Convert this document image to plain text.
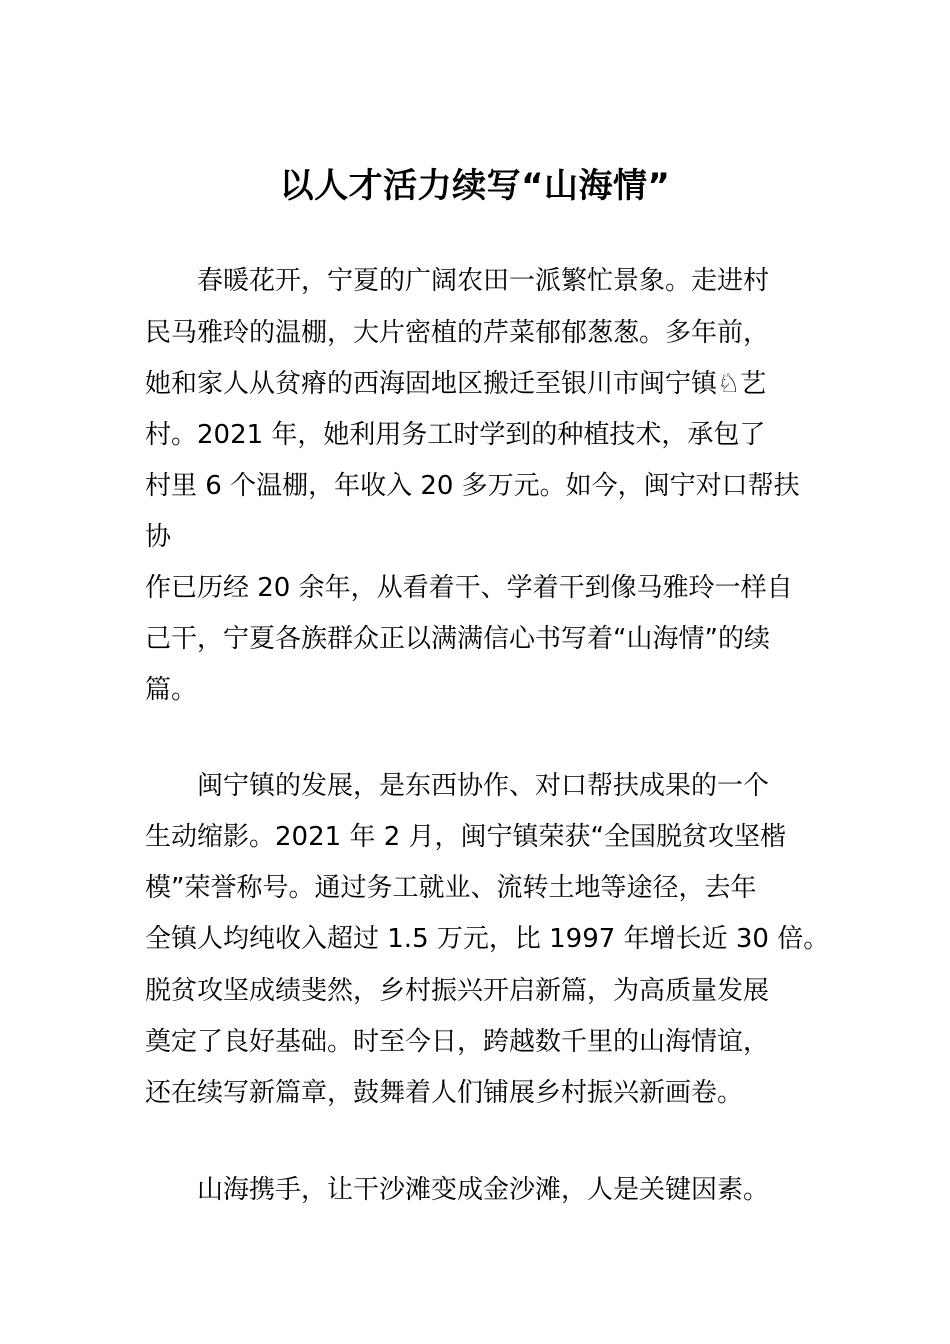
以人才活力续写“山海情”
　　春暖花开，宁夏的广阔农田一派繁忙景象。走进村
民马雅玲的温棚，大片密植的芹菜郁郁葱葱。多年前，
她和家人从贫瘠的西海固地区搬迁至银川市闽宁镇♘艺
村。2021 年，她利用务工时学到的种植技术，承包了
村里 6 个温棚，年收入 20 多万元。如今，闽宁对口帮扶
协
作已历经 20 余年，从看着干、学着干到像马雅玲一样自
己干，宁夏各族群众正以满满信心书写着“山海情”的续
篇。
　　闽宁镇的发展，是东西协作、对口帮扶成果的一个
生动缩影。2021 年 2 月，闽宁镇荣获“全国脱贫攻坚楷
模”荣誉称号。通过务工就业、流转土地等途径，去年
全镇人均纯收入超过 1.5 万元，比 1997 年增长近 30 倍。
脱贫攻坚成绩斐然，乡村振兴开启新篇，为高质量发展
奠定了良好基础。时至今日，跨越数千里的山海情谊，
还在续写新篇章，鼓舞着人们铺展乡村振兴新画卷。
　　山海携手，让干沙滩变成金沙滩，人是关键因素。
